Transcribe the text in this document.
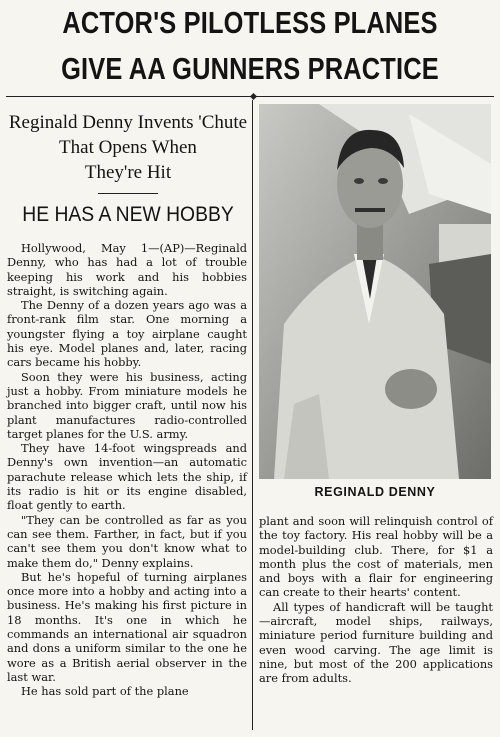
ACTOR'S PILOTLESS PLANES
GIVE AA GUNNERS PRACTICE
Reginald Denny Invents 'Chute
That Opens When
They're Hit
HE HAS A NEW HOBBY

Hollywood, May 1—(AP)—Reginald Denny, who has had a lot of trouble keeping his work and his hobbies straight, is switching again.

The Denny of a dozen years ago was a front-rank film star. One morning a youngster flying a toy airplane caught his eye. Model planes and, later, racing cars became his hobby.

Soon they were his business, acting just a hobby. From miniature models he branched into bigger craft, until now his plant manufactures radio-controlled target planes for the U.S. army.

They have 14-foot wingspreads and Denny's own invention—an automatic parachute release which lets the ship, if its radio is hit or its engine disabled, float gently to earth.

"They can be controlled as far as you can see them. Farther, in fact, but if you can't see them you don't know what to make them do," Denny explains.

But he's hopeful of turning airplanes once more into a hobby and acting into a business. He's making his first picture in 18 months. It's one in which he commands an international air squadron and dons a uniform similar to the one he wore as a British aerial observer in the last war.

He has sold part of the plane

REGINALD DENNY

plant and soon will relinquish control of the toy factory. His real hobby will be a model-building club. There, for $1 a month plus the cost of materials, men and boys with a flair for engineering can create to their hearts' content.

All types of handicraft will be taught—aircraft, model ships, railways, miniature period furniture building and even wood carving. The age limit is nine, but most of the 200 applications are from adults.
